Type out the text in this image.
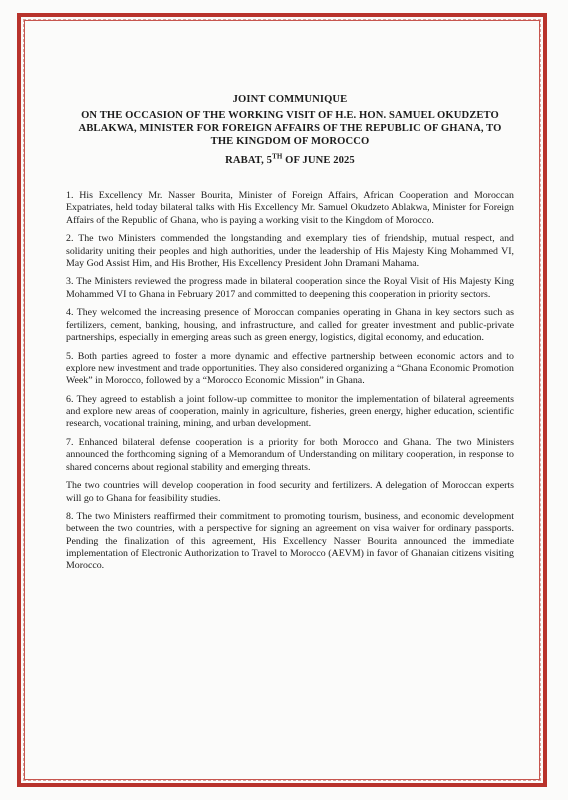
JOINT COMMUNIQUE
ON THE OCCASION OF THE WORKING VISIT OF H.E. HON. SAMUEL OKUDZETO ABLAKWA, MINISTER FOR FOREIGN AFFAIRS OF THE REPUBLIC OF GHANA, TO THE KINGDOM OF MOROCCO
RABAT, 5TH OF JUNE 2025

1. His Excellency Mr. Nasser Bourita, Minister of Foreign Affairs, African Cooperation and Moroccan Expatriates, held today bilateral talks with His Excellency Mr. Samuel Okudzeto Ablakwa, Minister for Foreign Affairs of the Republic of Ghana, who is paying a working visit to the Kingdom of Morocco.

2. The two Ministers commended the longstanding and exemplary ties of friendship, mutual respect, and solidarity uniting their peoples and high authorities, under the leadership of His Majesty King Mohammed VI, May God Assist Him, and His Brother, His Excellency President John Dramani Mahama.

3. The Ministers reviewed the progress made in bilateral cooperation since the Royal Visit of His Majesty King Mohammed VI to Ghana in February 2017 and committed to deepening this cooperation in priority sectors.

4. They welcomed the increasing presence of Moroccan companies operating in Ghana in key sectors such as fertilizers, cement, banking, housing, and infrastructure, and called for greater investment and public-private partnerships, especially in emerging areas such as green energy, logistics, digital economy, and education.

5. Both parties agreed to foster a more dynamic and effective partnership between economic actors and to explore new investment and trade opportunities. They also considered organizing a “Ghana Economic Promotion Week” in Morocco, followed by a “Morocco Economic Mission” in Ghana.

6. They agreed to establish a joint follow-up committee to monitor the implementation of bilateral agreements and explore new areas of cooperation, mainly in agriculture, fisheries, green energy, higher education, scientific research, vocational training, mining, and urban development.

7. Enhanced bilateral defense cooperation is a priority for both Morocco and Ghana. The two Ministers announced the forthcoming signing of a Memorandum of Understanding on military cooperation, in response to shared concerns about regional stability and emerging threats.

The two countries will develop cooperation in food security and fertilizers. A delegation of Moroccan experts will go to Ghana for feasibility studies.

8. The two Ministers reaffirmed their commitment to promoting tourism, business, and economic development between the two countries, with a perspective for signing an agreement on visa waiver for ordinary passports. Pending the finalization of this agreement, His Excellency Nasser Bourita announced the immediate implementation of Electronic Authorization to Travel to Morocco (AEVM) in favor of Ghanaian citizens visiting Morocco.
